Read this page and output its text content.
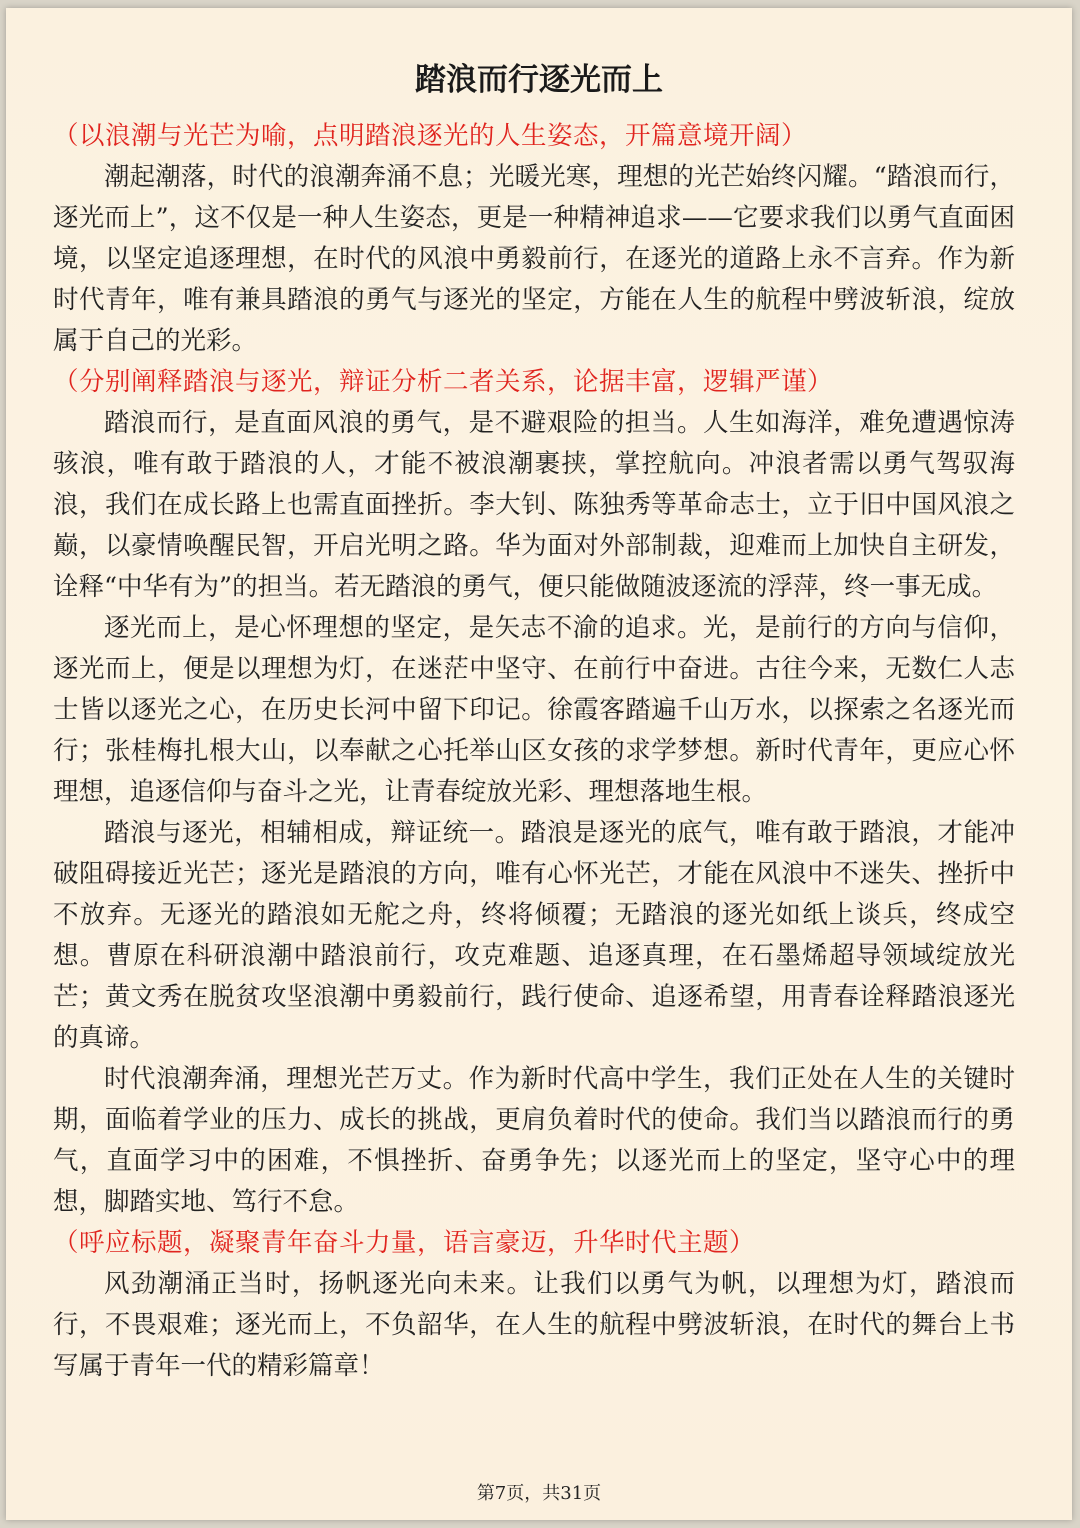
踏浪而行逐光而上

（以浪潮与光芒为喻，点明踏浪逐光的人生姿态，开篇意境开阔）

潮起潮落，时代的浪潮奔涌不息；光暖光寒，理想的光芒始终闪耀。“踏浪而行，逐光而上”，这不仅是一种人生姿态，更是一种精神追求——它要求我们以勇气直面困境，以坚定追逐理想，在时代的风浪中勇毅前行，在逐光的道路上永不言弃。作为新时代青年，唯有兼具踏浪的勇气与逐光的坚定，方能在人生的航程中劈波斩浪，绽放属于自己的光彩。

（分别阐释踏浪与逐光，辩证分析二者关系，论据丰富，逻辑严谨）

踏浪而行，是直面风浪的勇气，是不避艰险的担当。人生如海洋，难免遭遇惊涛骇浪，唯有敢于踏浪的人，才能不被浪潮裹挟，掌控航向。冲浪者需以勇气驾驭海浪，我们在成长路上也需直面挫折。李大钊、陈独秀等革命志士，立于旧中国风浪之巅，以豪情唤醒民智，开启光明之路。华为面对外部制裁，迎难而上加快自主研发，诠释“中华有为”的担当。若无踏浪的勇气，便只能做随波逐流的浮萍，终一事无成。

逐光而上，是心怀理想的坚定，是矢志不渝的追求。光，是前行的方向与信仰，逐光而上，便是以理想为灯，在迷茫中坚守、在前行中奋进。古往今来，无数仁人志士皆以逐光之心，在历史长河中留下印记。徐霞客踏遍千山万水，以探索之名逐光而行；张桂梅扎根大山，以奉献之心托举山区女孩的求学梦想。新时代青年，更应心怀理想，追逐信仰与奋斗之光，让青春绽放光彩、理想落地生根。

踏浪与逐光，相辅相成，辩证统一。踏浪是逐光的底气，唯有敢于踏浪，才能冲破阻碍接近光芒；逐光是踏浪的方向，唯有心怀光芒，才能在风浪中不迷失、挫折中不放弃。无逐光的踏浪如无舵之舟，终将倾覆；无踏浪的逐光如纸上谈兵，终成空想。曹原在科研浪潮中踏浪前行，攻克难题、追逐真理，在石墨烯超导领域绽放光芒；黄文秀在脱贫攻坚浪潮中勇毅前行，践行使命、追逐希望，用青春诠释踏浪逐光的真谛。

时代浪潮奔涌，理想光芒万丈。作为新时代高中学生，我们正处在人生的关键时期，面临着学业的压力、成长的挑战，更肩负着时代的使命。我们当以踏浪而行的勇气，直面学习中的困难，不惧挫折、奋勇争先；以逐光而上的坚定，坚守心中的理想，脚踏实地、笃行不怠。

（呼应标题，凝聚青年奋斗力量，语言豪迈，升华时代主题）

风劲潮涌正当时，扬帆逐光向未来。让我们以勇气为帆，以理想为灯，踏浪而行，不畏艰难；逐光而上，不负韶华，在人生的航程中劈波斩浪，在时代的舞台上书写属于青年一代的精彩篇章！

第7页，共31页
